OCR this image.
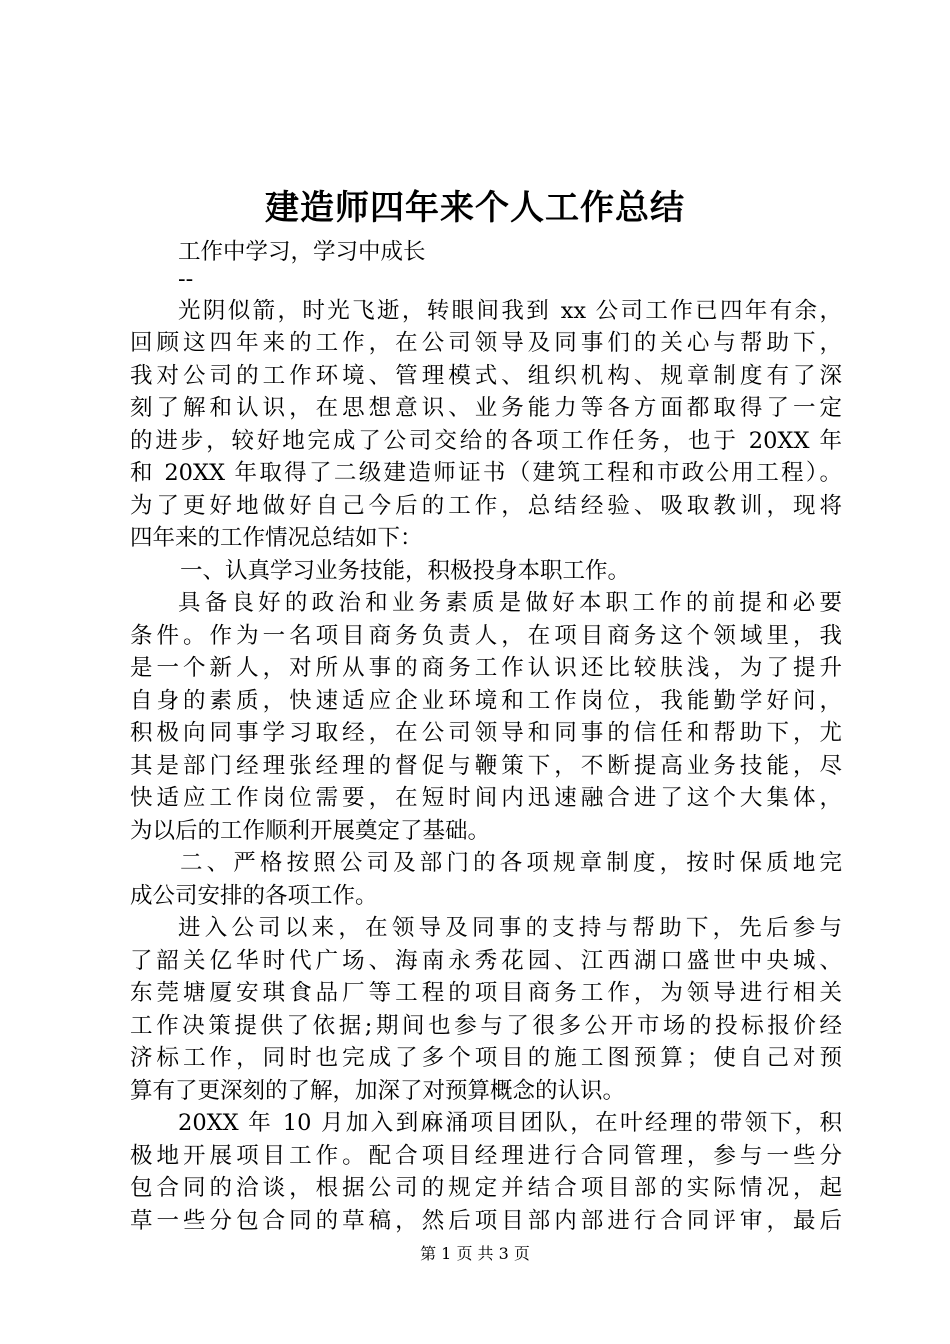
建造师四年来个人工作总结
工作中学习，学习中成长
--
光阴似箭，时光飞逝，转眼间我到 xx 公司工作已四年有余，
回顾这四年来的工作，在公司领导及同事们的关心与帮助下，
我对公司的工作环境、管理模式、组织机构、规章制度有了深
刻了解和认识，在思想意识、业务能力等各方面都取得了一定
的进步，较好地完成了公司交给的各项工作任务，也于 20XX 年
和 20XX 年取得了二级建造师证书（建筑工程和市政公用工程）。
为了更好地做好自己今后的工作，总结经验、吸取教训，现将
四年来的工作情况总结如下：
一、认真学习业务技能，积极投身本职工作。
具备良好的政治和业务素质是做好本职工作的前提和必要
条件。作为一名项目商务负责人，在项目商务这个领域里，我
是一个新人，对所从事的商务工作认识还比较肤浅，为了提升
自身的素质，快速适应企业环境和工作岗位，我能勤学好问，
积极向同事学习取经，在公司领导和同事的信任和帮助下，尤
其是部门经理张经理的督促与鞭策下，不断提高业务技能，尽
快适应工作岗位需要，在短时间内迅速融合进了这个大集体，
为以后的工作顺利开展奠定了基础。
二、严格按照公司及部门的各项规章制度，按时保质地完
成公司安排的各项工作。
进入公司以来，在领导及同事的支持与帮助下，先后参与
了韶关亿华时代广场、海南永秀花园、江西湖口盛世中央城、
东莞塘厦安琪食品厂等工程的项目商务工作，为领导进行相关
工作决策提供了依据;期间也参与了很多公开市场的投标报价经
济标工作，同时也完成了多个项目的施工图预算；使自己对预
算有了更深刻的了解，加深了对预算概念的认识。
20XX 年 10 月加入到麻涌项目团队，在叶经理的带领下，积
极地开展项目工作。配合项目经理进行合同管理，参与一些分
包合同的洽谈，根据公司的规定并结合项目部的实际情况，起
草一些分包合同的草稿，然后项目部内部进行合同评审，最后
第 1 页 共 3 页
